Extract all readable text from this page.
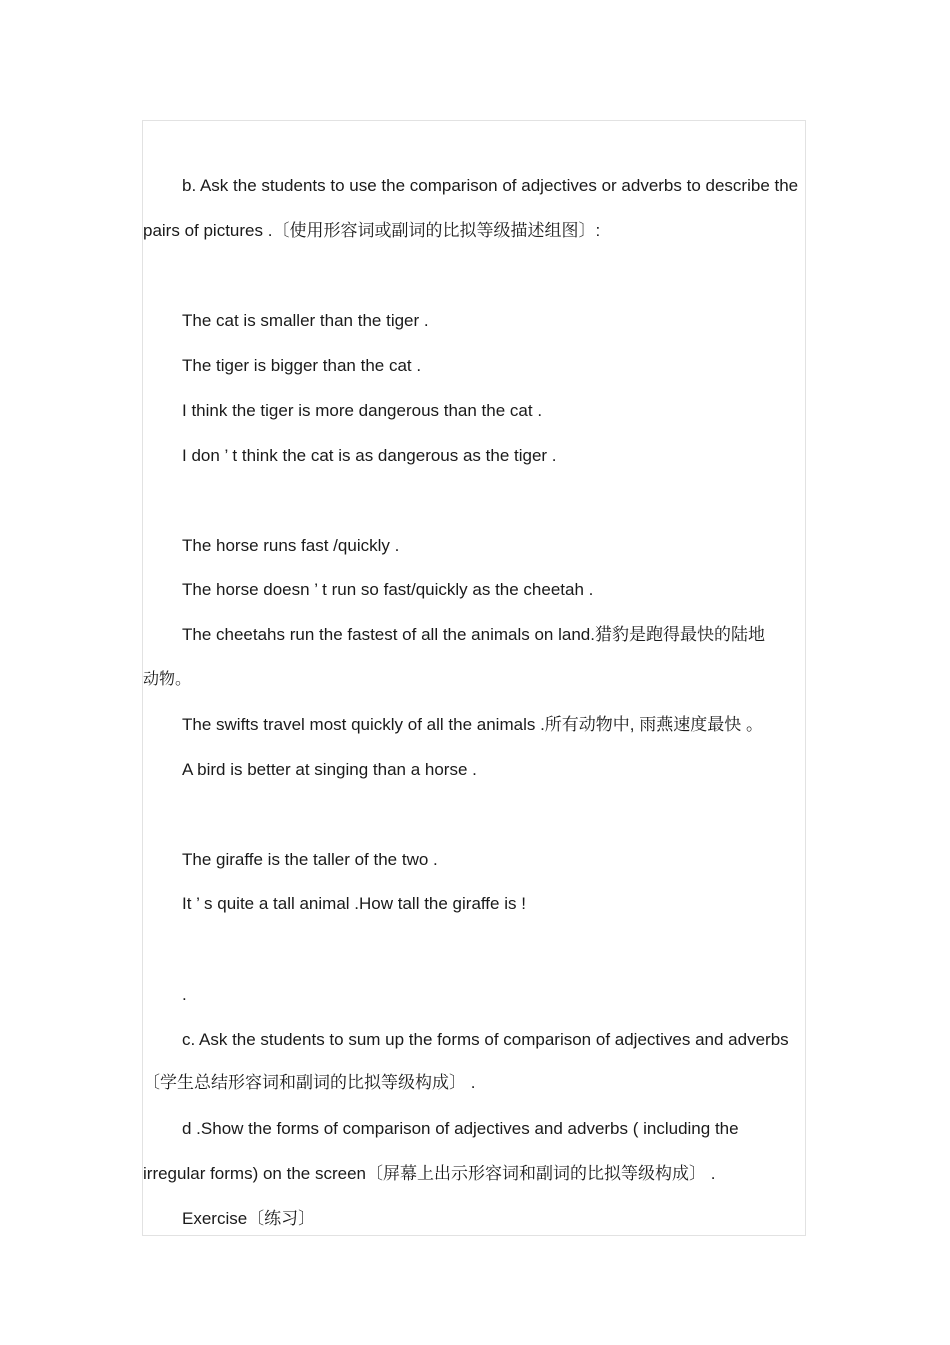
b. Ask the students to use the comparison of adjectives or adverbs to describe the
pairs of pictures .〔使用形容词或副词的比拟等级描述组图〕:
The cat is smaller than the tiger .
The tiger is bigger than the cat .
I think the tiger is more dangerous than the cat .
I don ’ t think the cat is as dangerous as the tiger .
The horse runs fast /quickly .
The horse doesn ’ t run so fast/quickly as the cheetah .
The cheetahs run the fastest of all the animals on land.猎豹是跑得最快的陆地
动物。
The swifts travel most quickly of all the animals .所有动物中, 雨燕速度最快 。
A bird is better at singing than a horse .
The giraffe is the taller of the two .
It ’ s quite a tall animal .How tall the giraffe is !
.
c. Ask the students to sum up the forms of comparison of adjectives and adverbs
〔学生总结形容词和副词的比拟等级构成〕 .
d .Show the forms of comparison of adjectives and adverbs ( including the
irregular forms) on the screen〔屏幕上出示形容词和副词的比拟等级构成〕 .
Exercise〔练习〕
